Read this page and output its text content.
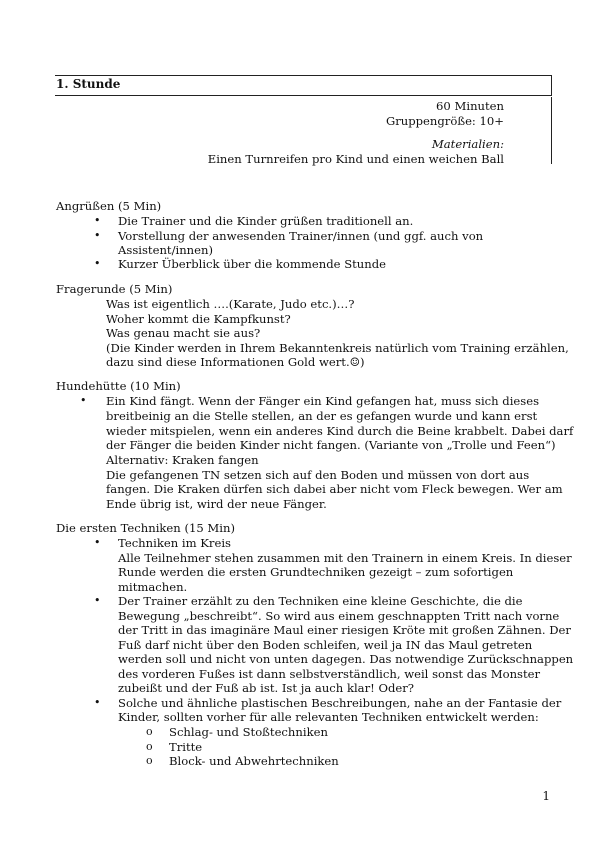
1. Stunde
60 Minuten
Gruppengröße: 10+
Materialien:
Einen Turnreifen pro Kind und einen weichen Ball
Angrüßen (5 Min)
• Die Trainer und die Kinder grüßen traditionell an.
• Vorstellung der anwesenden Trainer/innen (und ggf. auch von
Assistent/innen)
• Kurzer Überblick über die kommende Stunde
Fragerunde (5 Min)
Was ist eigentlich ….(Karate, Judo etc.)…?
Woher kommt die Kampfkunst?
Was genau macht sie aus?
(Die Kinder werden in Ihrem Bekanntenkreis natürlich vom Training erzählen,
dazu sind diese Informationen Gold wert.☺)
Hundehütte (10 Min)
• Ein Kind fängt. Wenn der Fänger ein Kind gefangen hat, muss sich dieses
breitbeinig an die Stelle stellen, an der es gefangen wurde und kann erst
wieder mitspielen, wenn ein anderes Kind durch die Beine krabbelt. Dabei darf
der Fänger die beiden Kinder nicht fangen. (Variante von „Trolle und Feen“)
Alternativ: Kraken fangen
Die gefangenen TN setzen sich auf den Boden und müssen von dort aus
fangen. Die Kraken dürfen sich dabei aber nicht vom Fleck bewegen. Wer am
Ende übrig ist, wird der neue Fänger.
Die ersten Techniken (15 Min)
• Techniken im Kreis
Alle Teilnehmer stehen zusammen mit den Trainern in einem Kreis. In dieser
Runde werden die ersten Grundtechniken gezeigt – zum sofortigen
mitmachen.
• Der Trainer erzählt zu den Techniken eine kleine Geschichte, die die
Bewegung „beschreibt“. So wird aus einem geschnappten Tritt nach vorne
der Tritt in das imaginäre Maul einer riesigen Kröte mit großen Zähnen. Der
Fuß darf nicht über den Boden schleifen, weil ja IN das Maul getreten
werden soll und nicht von unten dagegen. Das notwendige Zurückschnappen
des vorderen Fußes ist dann selbstverständlich, weil sonst das Monster
zubeißt und der Fuß ab ist. Ist ja auch klar! Oder?
• Solche und ähnliche plastischen Beschreibungen, nahe an der Fantasie der
Kinder, sollten vorher für alle relevanten Techniken entwickelt werden:
o Schlag- und Stoßtechniken
o Tritte
o Block- und Abwehrtechniken
1
